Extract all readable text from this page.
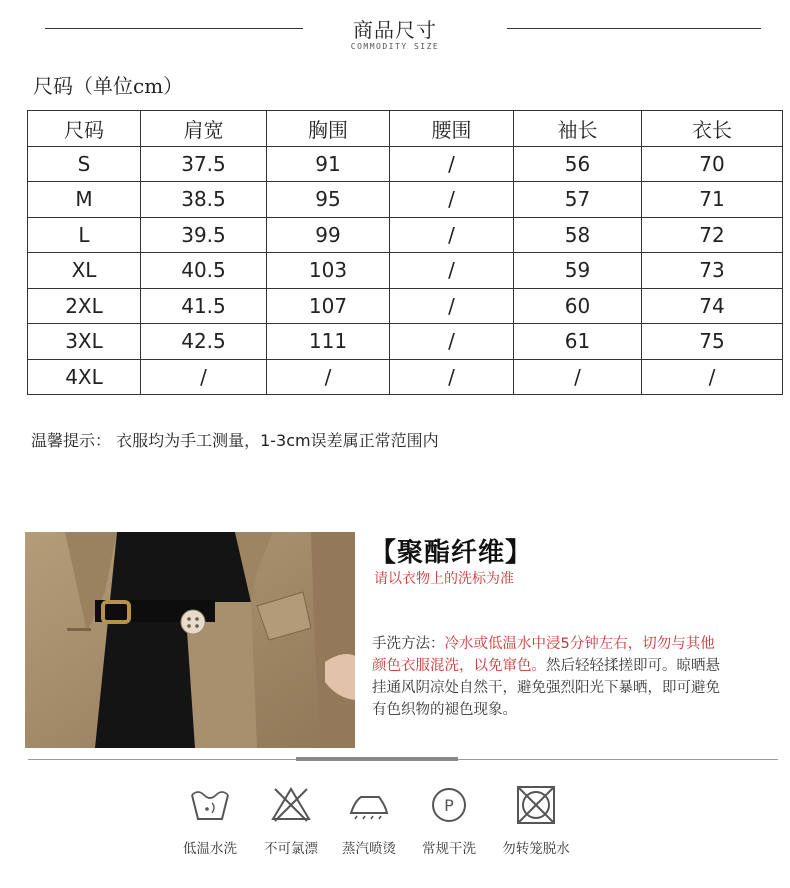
商品尺寸
COMMODITY SIZE
尺码（单位cm）
尺码	肩宽	胸围	腰围	袖长	衣长
S	37.5	91	/	56	70
M	38.5	95	/	57	71
L	39.5	99	/	58	72
XL	40.5	103	/	59	73
2XL	41.5	107	/	60	74
3XL	42.5	111	/	61	75
4XL	/	/	/	/	/
温馨提示： 衣服均为手工测量，1-3cm误差属正常范围内
【聚酯纤维】
请以衣物上的洗标为准
手洗方法：冷水或低温水中浸5分钟左右，切勿与其他颜色衣服混洗，以免窜色。然后轻轻揉搓即可。晾晒悬挂通风阴凉处自然干，避免强烈阳光下暴晒，即可避免有色织物的褪色现象。
低温水洗	不可氯漂	蒸汽喷烫
P
常规干洗	勿转笼脱水
